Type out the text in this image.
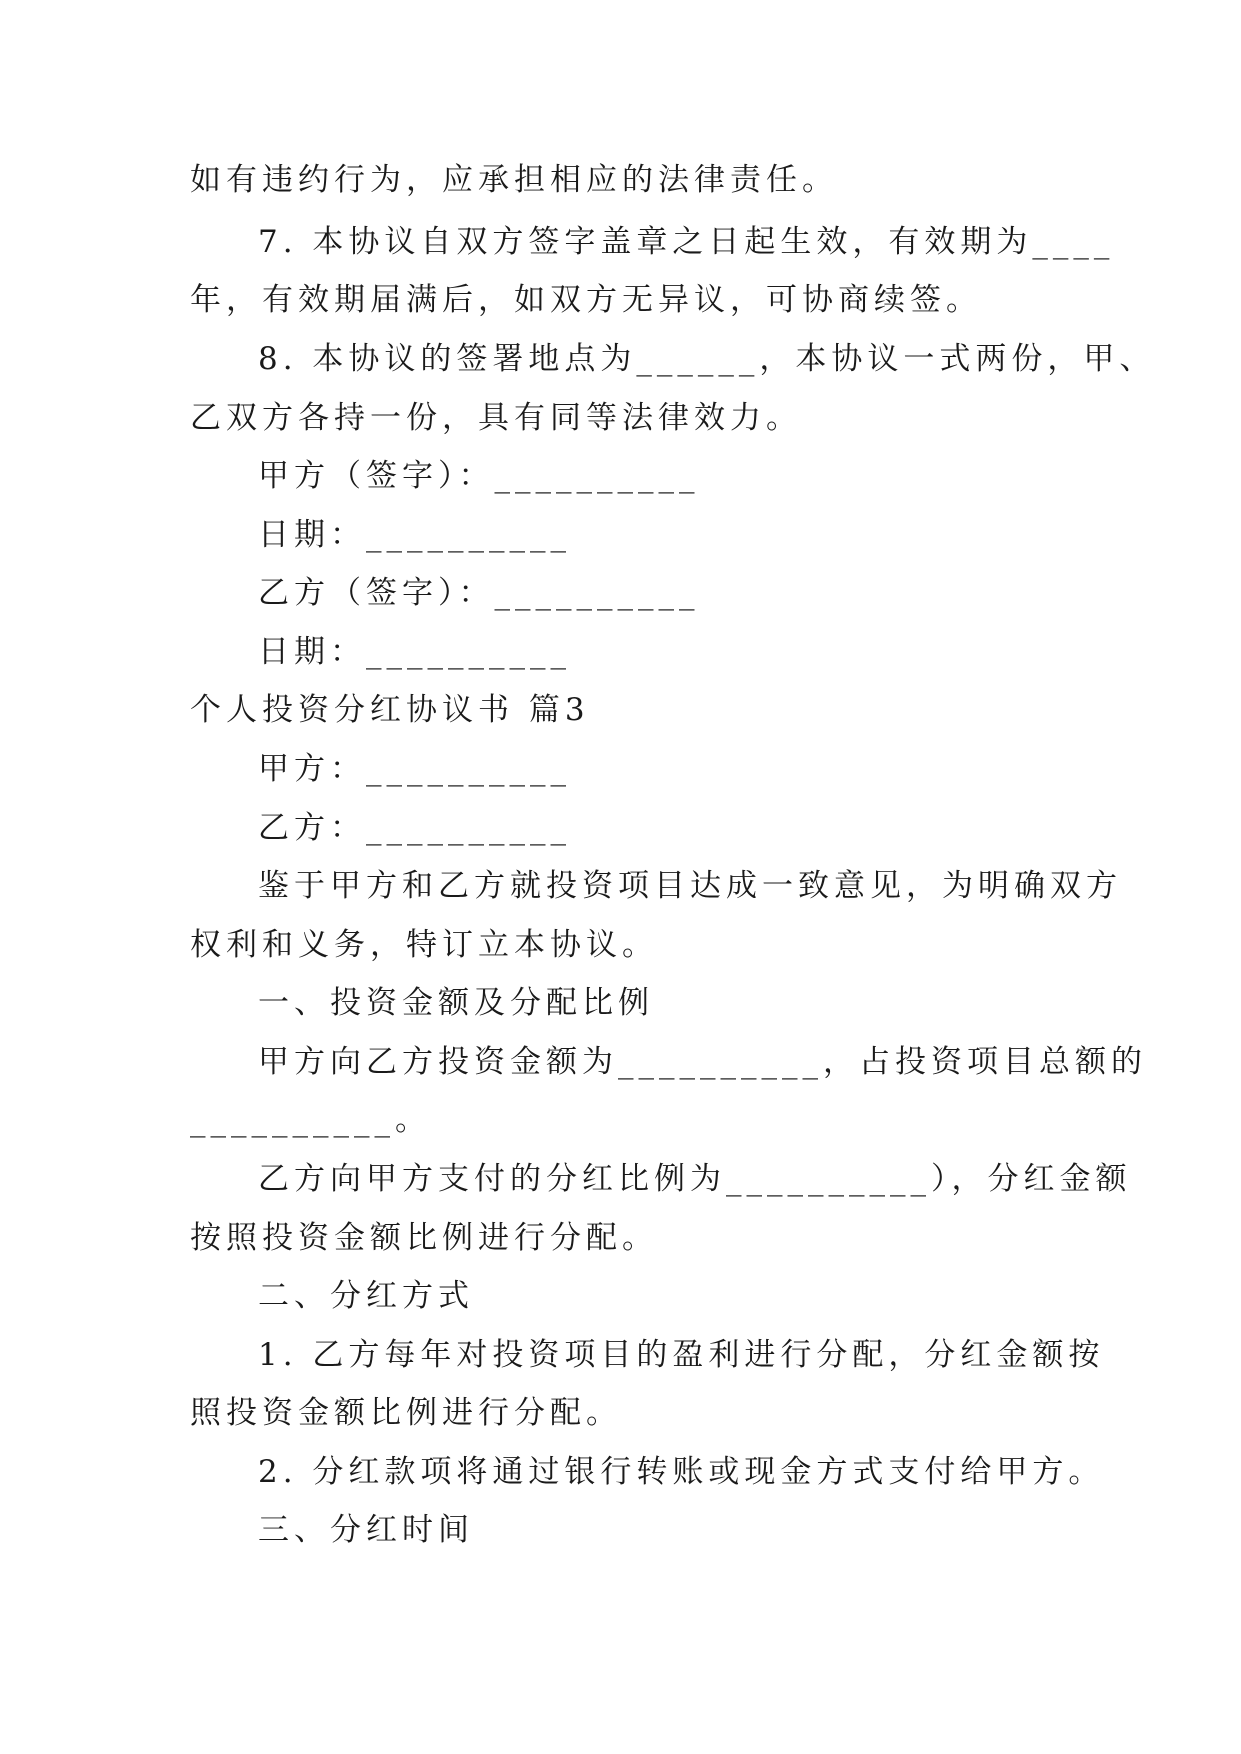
如有违约行为，应承担相应的法律责任。

7. 本协议自双方签字盖章之日起生效，有效期为____

年，有效期届满后，如双方无异议，可协商续签。

8. 本协议的签署地点为______，本协议一式两份，甲、

乙双方各持一份，具有同等法律效力。

甲方（签字）：__________

日期：__________

乙方（签字）：__________

日期：__________

个人投资分红协议书 篇3

甲方：__________

乙方：__________

鉴于甲方和乙方就投资项目达成一致意见，为明确双方

权利和义务，特订立本协议。

一、投资金额及分配比例

甲方向乙方投资金额为__________，占投资项目总额的

__________。

乙方向甲方支付的分红比例为__________），分红金额

按照投资金额比例进行分配。

二、分红方式

1. 乙方每年对投资项目的盈利进行分配，分红金额按

照投资金额比例进行分配。

2. 分红款项将通过银行转账或现金方式支付给甲方。

三、分红时间
